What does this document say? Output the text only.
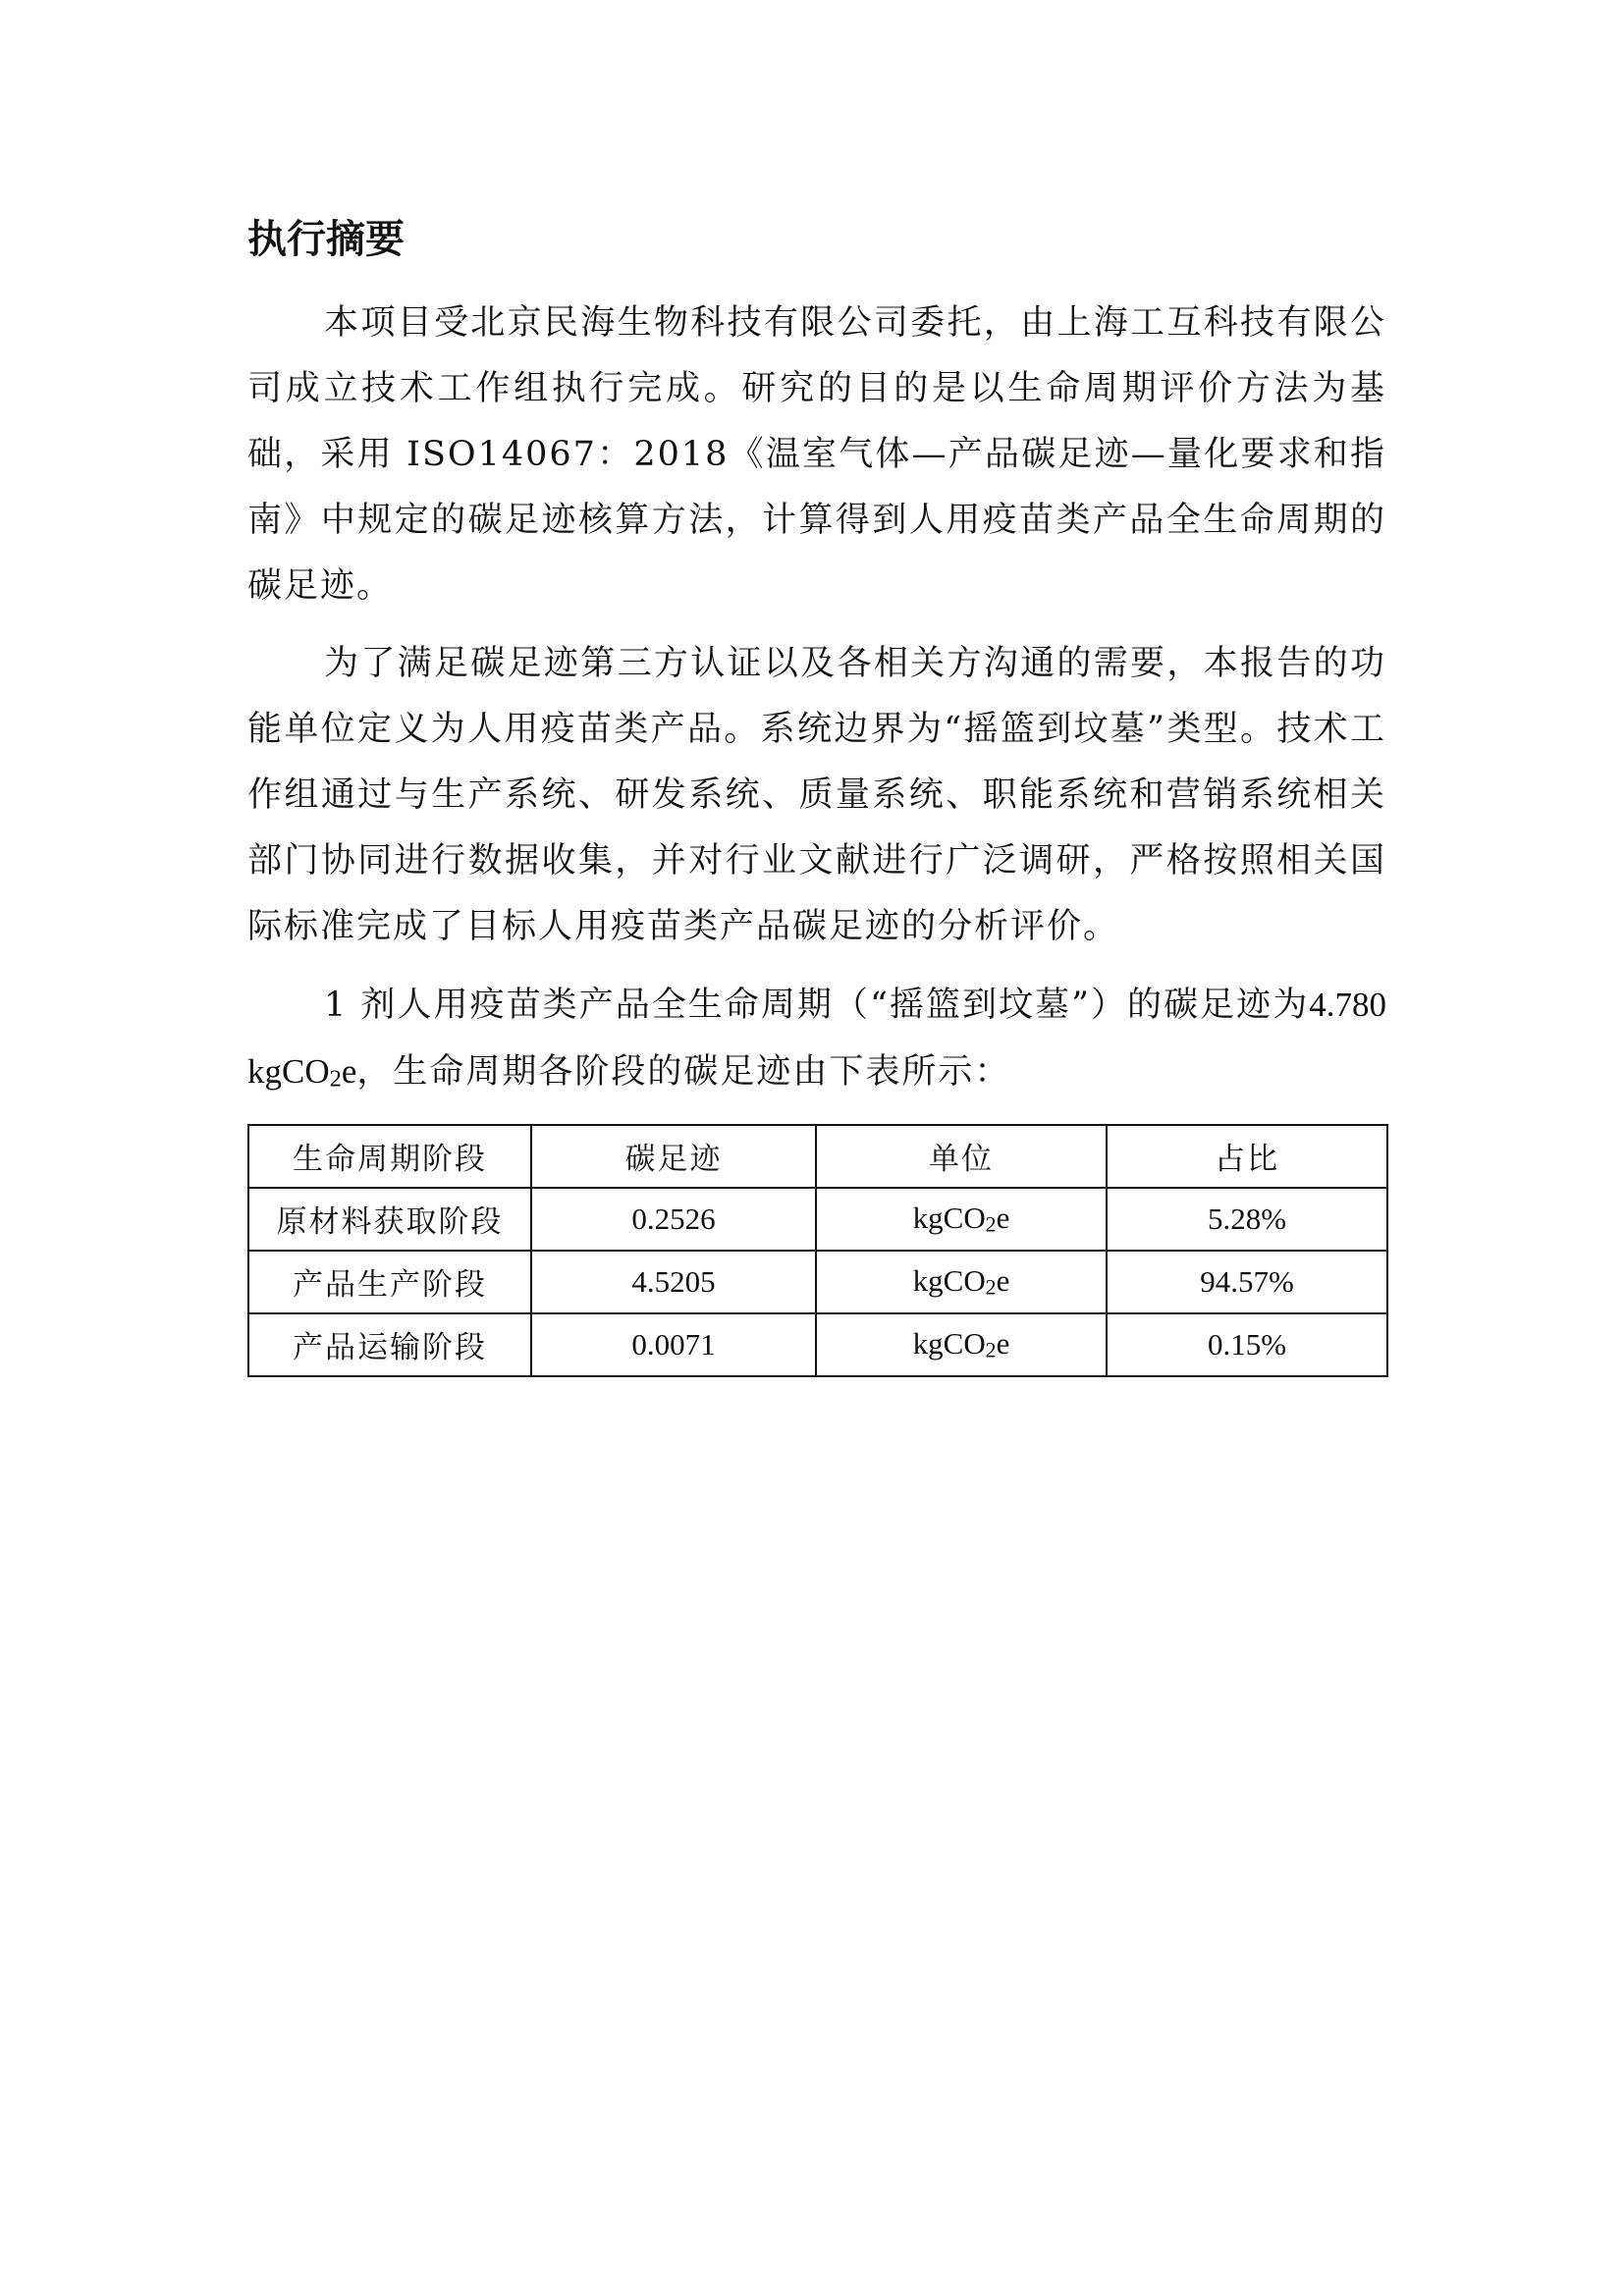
执行摘要

本项目受北京民海生物科技有限公司委托，由上海工互科技有限公司成立技术工作组执行完成。研究的目的是以生命周期评价方法为基础，采用 ISO14067：2018《温室气体—产品碳足迹—量化要求和指南》中规定的碳足迹核算方法，计算得到人用疫苗类产品全生命周期的碳足迹。

为了满足碳足迹第三方认证以及各相关方沟通的需要，本报告的功能单位定义为人用疫苗类产品。系统边界为“摇篮到坟墓”类型。技术工作组通过与生产系统、研发系统、质量系统、职能系统和营销系统相关部门协同进行数据收集，并对行业文献进行广泛调研，严格按照相关国际标准完成了目标人用疫苗类产品碳足迹的分析评价。

1 剂人用疫苗类产品全生命周期（“摇篮到坟墓”）的碳足迹为4.780 kgCO$_2$e，生命周期各阶段的碳足迹由下表所示：

生命周期阶段	碳足迹	单位	占比
原材料获取阶段	0.2526	kgCO$_2$e	5.28%
产品生产阶段	4.5205	kgCO$_2$e	94.57%
产品运输阶段	0.0071	kgCO$_2$e	0.15%
